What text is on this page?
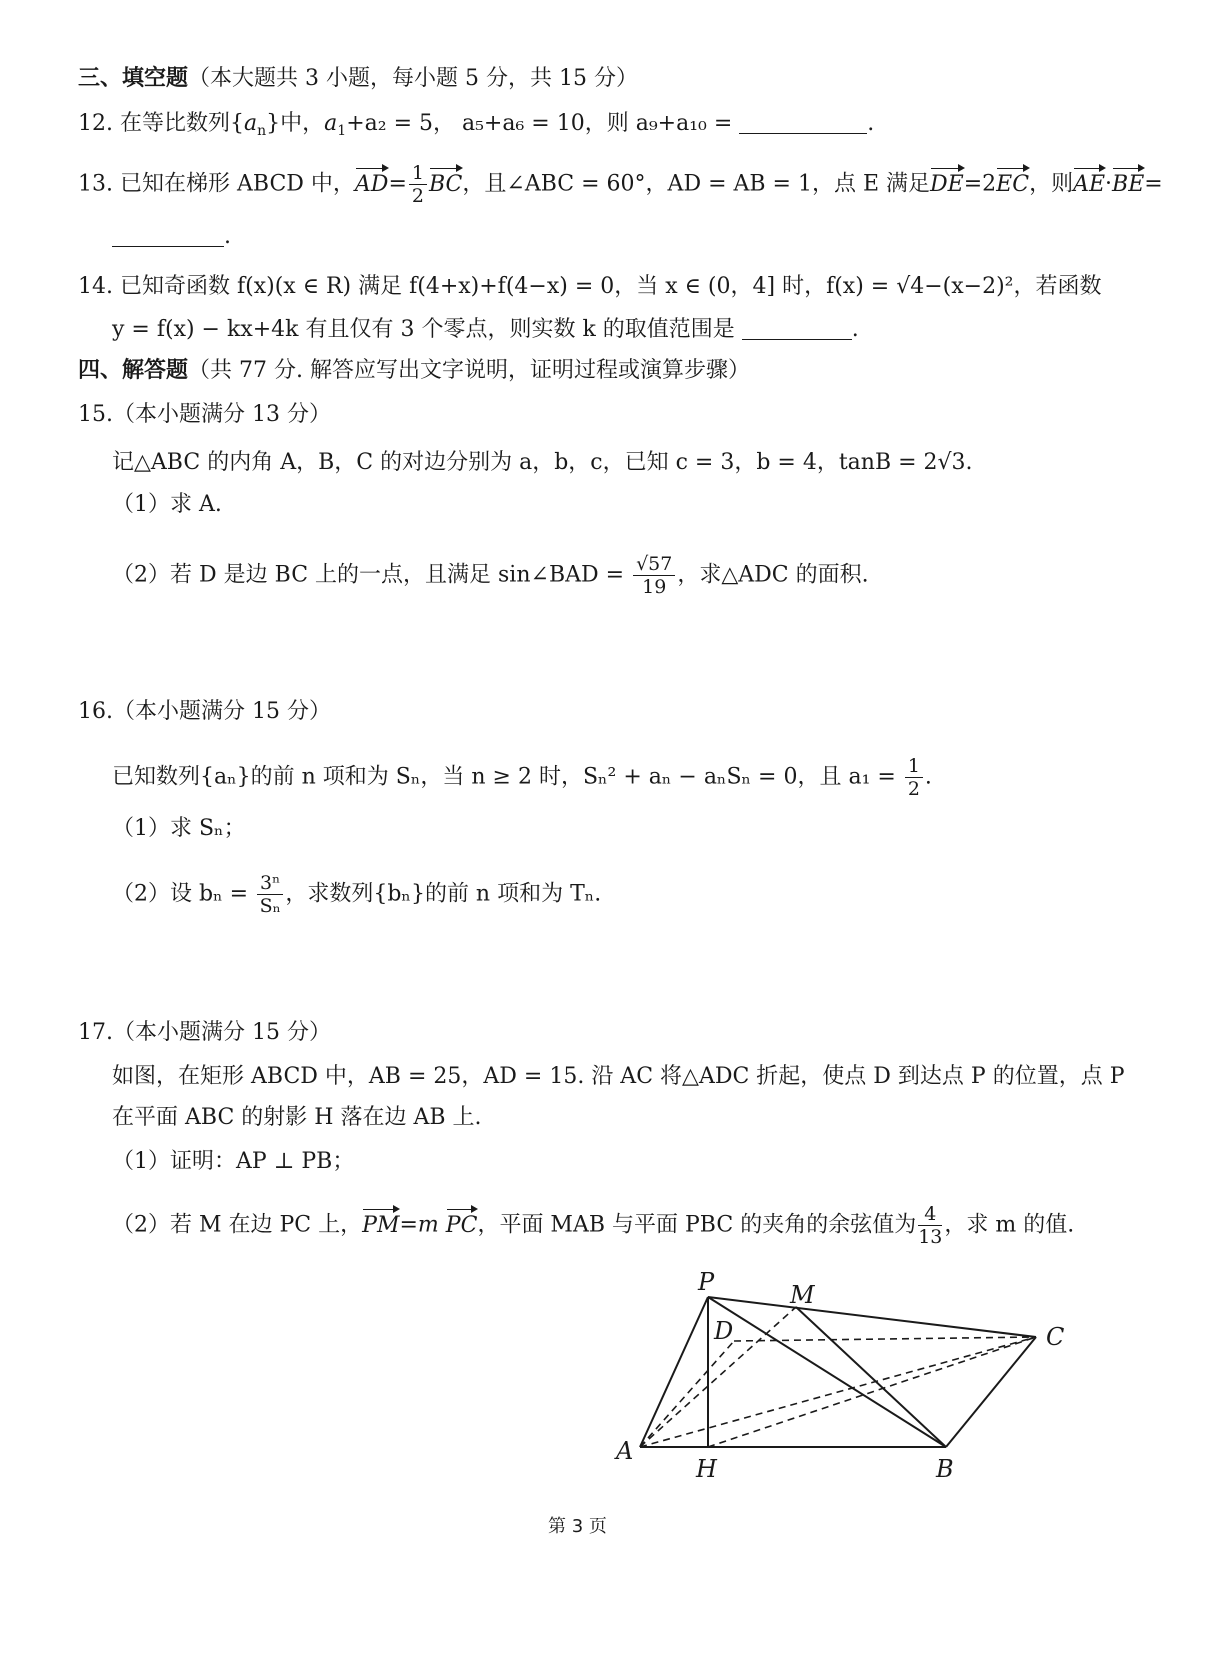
三、填空题（本大题共 3 小题，每小题 5 分，共 15 分）
12. 在等比数列$\{a_n\}$中，$a_1+a_2 = 5$， a₅+a₆ = 10，则 a₉+a₁₀ =	.
13. 已知在梯形 ABCD 中，$AD= \frac{1}{2}$ BC，且∠ABC = 60°，AD = AB = 1，点 E 满足DE=2EC，则AE·BE=
.
14. 已知奇函数 f(x)(x ∈ R) 满足 f(4+x)+f(4−x) = 0，当 x ∈ (0，4] 时，f(x) = √4−(x−2)²，若函数
y = f(x) − kx+4k 有且仅有 3 个零点，则实数 k 的取值范围是	.
四、解答题（共 77 分. 解答应写出文字说明，证明过程或演算步骤）
15.（本小题满分 13 分）
记△ABC 的内角 A，B，C 的对边分别为 a，b，c，已知 c = 3，b = 4，tanB = 2√3.
（1）求 A.
（2）若 D 是边 BC 上的一点，且满足 sin∠BAD = $\frac{√57}{19}$ ，求△ADC 的面积.
16.（本小题满分 15 分）
已知数列{aₙ}的前 n 项和为 Sₙ，当 n ≥ 2 时，Sₙ² + aₙ − aₙSₙ = 0，且 $a_1 = \frac{1}{2}$ .
（1）求 Sₙ；
（2）设 $b_n = \frac{\text{3ⁿ}}{\text{Sₙ}}$ ，求数列{bₙ}的前 n 项和为 Tₙ.
17.（本小题满分 15 分）
如图，在矩形 ABCD 中，AB = 25，AD = 15. 沿 AC 将△ADC 折起，使点 D 到达点 P 的位置，点 P
在平面 ABC 的射影 H 落在边 AB 上.
（1）证明：AP ⊥ PB；
（2）若 M 在边 PC 上，PM=m PC，平面 MAB 与平面 PBC 的夹角的余弦值为 $\frac{4}{13}$ ，求 m 的值.
P	M
D	C
A
H	B
第 3 页
